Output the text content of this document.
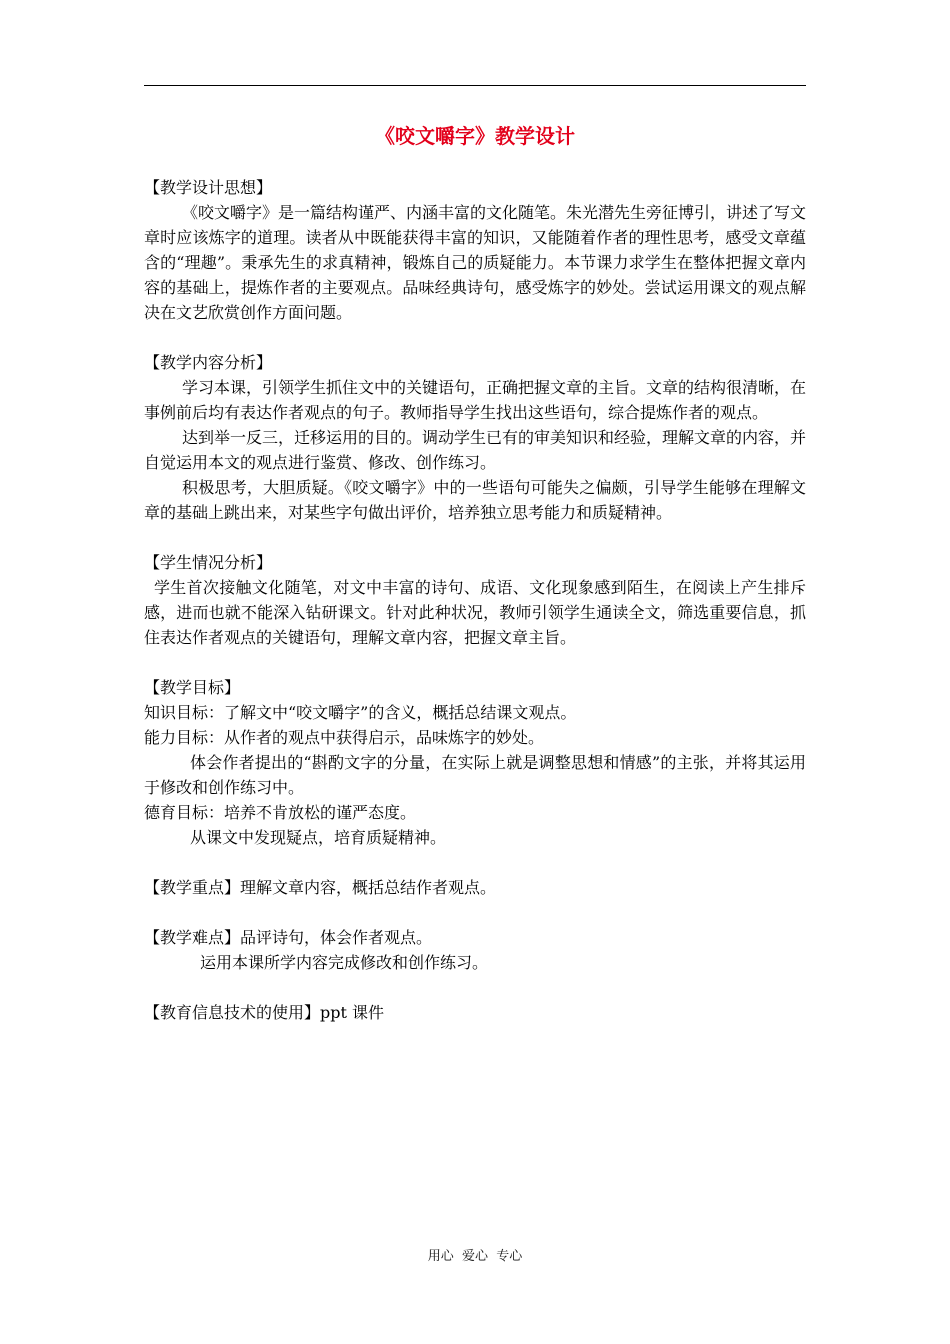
《咬文嚼字》教学设计

【教学设计思想】

《咬文嚼字》是一篇结构谨严、内涵丰富的文化随笔。朱光潜先生旁征博引，讲述了写文章时应该炼字的道理。读者从中既能获得丰富的知识，又能随着作者的理性思考，感受文章蕴含的“理趣”。秉承先生的求真精神，锻炼自己的质疑能力。本节课力求学生在整体把握文章内容的基础上，提炼作者的主要观点。品味经典诗句，感受炼字的妙处。尝试运用课文的观点解决在文艺欣赏创作方面问题。

【教学内容分析】

学习本课，引领学生抓住文中的关键语句，正确把握文章的主旨。文章的结构很清晰，在事例前后均有表达作者观点的句子。教师指导学生找出这些语句，综合提炼作者的观点。

达到举一反三，迁移运用的目的。调动学生已有的审美知识和经验，理解文章的内容，并自觉运用本文的观点进行鉴赏、修改、创作练习。

积极思考，大胆质疑。《咬文嚼字》中的一些语句可能失之偏颇，引导学生能够在理解文章的基础上跳出来，对某些字句做出评价，培养独立思考能力和质疑精神。

【学生情况分析】

学生首次接触文化随笔，对文中丰富的诗句、成语、文化现象感到陌生，在阅读上产生排斥感，进而也就不能深入钻研课文。针对此种状况，教师引领学生通读全文，筛选重要信息，抓住表达作者观点的关键语句，理解文章内容，把握文章主旨。

【教学目标】

知识目标：了解文中“咬文嚼字”的含义，概括总结课文观点。

能力目标：从作者的观点中获得启示，品味炼字的妙处。

体会作者提出的“斟酌文字的分量，在实际上就是调整思想和情感”的主张，并将其运用于修改和创作练习中。

德育目标：培养不肯放松的谨严态度。

从课文中发现疑点，培育质疑精神。

【教学重点】理解文章内容，概括总结作者观点。

【教学难点】品评诗句，体会作者观点。

运用本课所学内容完成修改和创作练习。

【教育信息技术的使用】ppt 课件

用心  爱心  专心
